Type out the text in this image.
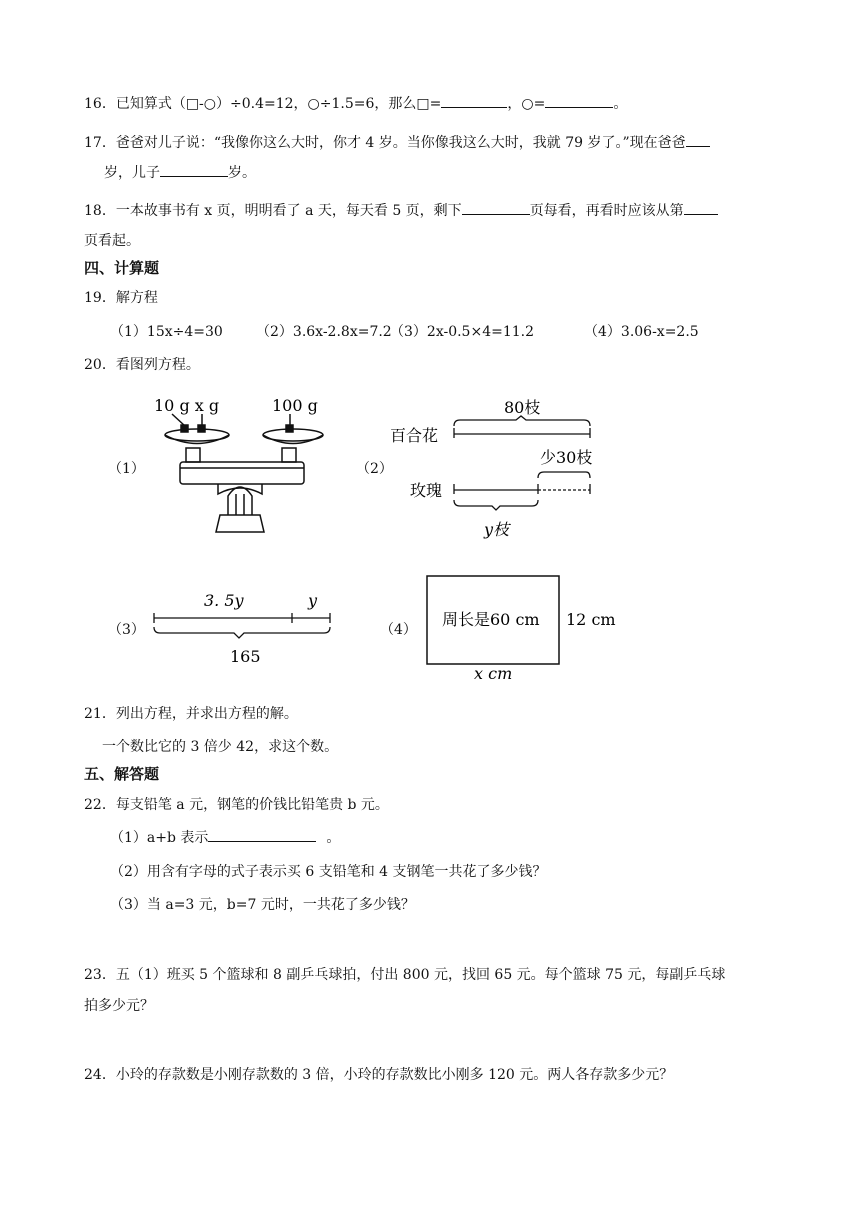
16．已知算式（□-○）÷0.4=12，○÷1.5=6，那么□=	，○=	。
17．爸爸对儿子说：“我像你这么大时，你才 4 岁。当你像我这么大时，我就 79 岁了。”现在爸爸
岁，儿子	岁。
18．一本故事书有 x 页，明明看了 a 天，每天看 5 页，剩下	页每看，再看时应该从第
页看起。
四、计算题
19．解方程
（1）15x÷4=30 （2）3.6x-2.8x=7.2
（3）2x-0.5×4=11.2	（4）3.06-x=2.5
20．看图列方程。
（1）
10 g x g	100 g
（2）
80枝
百合花
玫瑰
少30枝
y枝
（3）
3. 5y	y
165
（4）
周长是60 cm 12 cm
x cm
21．列出方程，并求出方程的解。
一个数比它的 3 倍少 42，求这个数。
五、解答题
22．每支铅笔 a 元，钢笔的价钱比铅笔贵 b 元。
（1）a+b 表示	。
（2）用含有字母的式子表示买 6 支铅笔和 4 支钢笔一共花了多少钱？
（3）当 a=3 元，b=7 元时，一共花了多少钱？
23．五（1）班买 5 个篮球和 8 副乒乓球拍，付出 800 元，找回 65 元。每个篮球 75 元，每副乒乓球
拍多少元？
24．小玲的存款数是小刚存款数的 3 倍，小玲的存款数比小刚多 120 元。两人各存款多少元？
